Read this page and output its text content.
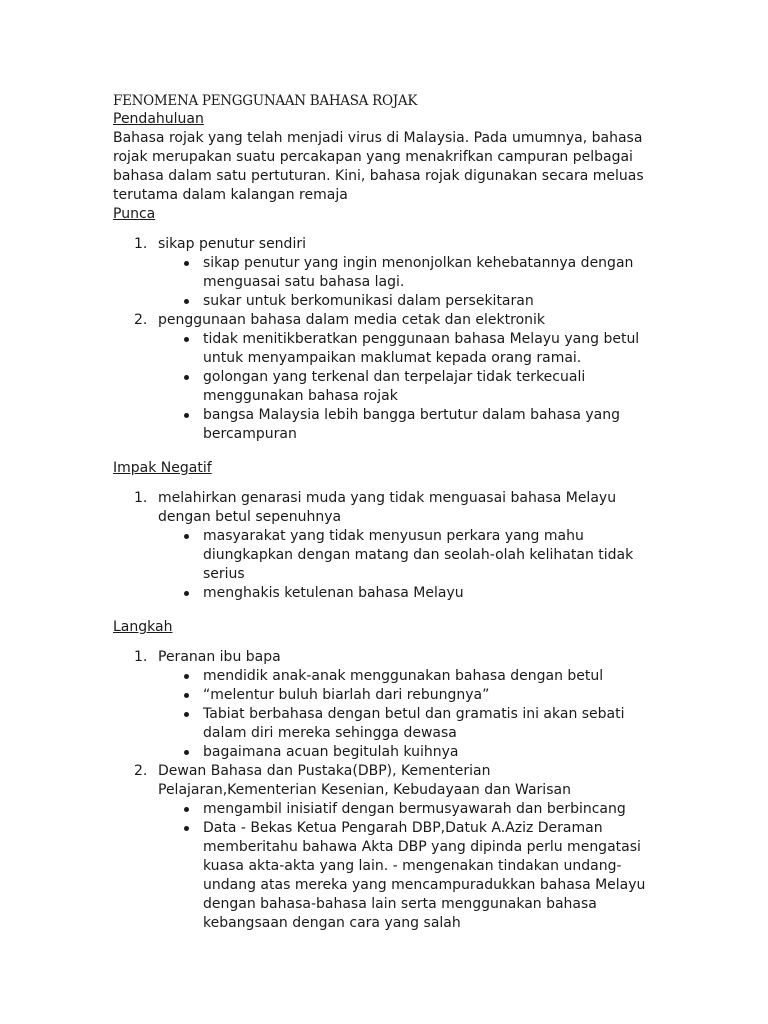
FENOMENA PENGGUNAAN BAHASA ROJAK
Pendahuluan

Bahasa rojak yang telah menjadi virus di Malaysia. Pada umumnya, bahasa rojak merupakan suatu percakapan yang menakrifkan campuran pelbagai bahasa dalam satu pertuturan. Kini, bahasa rojak digunakan secara meluas terutama dalam kalangan remaja

Punca
1. sikap penutur sendiri
sikap penutur yang ingin menonjolkan kehebatannya dengan menguasai satu bahasa lagi.
sukar untuk berkomunikasi dalam persekitaran
2. penggunaan bahasa dalam media cetak dan elektronik
tidak menitikberatkan penggunaan bahasa Melayu yang betul untuk menyampaikan maklumat kepada orang ramai.
golongan yang terkenal dan terpelajar tidak terkecuali menggunakan bahasa rojak
bangsa Malaysia lebih bangga bertutur dalam bahasa yang bercampuran
Impak Negatif
1. melahirkan genarasi muda yang tidak menguasai bahasa Melayu dengan betul sepenuhnya
masyarakat yang tidak menyusun perkara yang mahu diungkapkan dengan matang dan seolah-olah kelihatan tidak serius
menghakis ketulenan bahasa Melayu
Langkah
1. Peranan ibu bapa
mendidik anak-anak menggunakan bahasa dengan betul
“melentur buluh biarlah dari rebungnya”
Tabiat berbahasa dengan betul dan gramatis ini akan sebati dalam diri mereka sehingga dewasa
bagaimana acuan begitulah kuihnya
2. Dewan Bahasa dan Pustaka(DBP), Kementerian Pelajaran,Kementerian Kesenian, Kebudayaan dan Warisan
mengambil inisiatif dengan bermusyawarah dan berbincang
Data - Bekas Ketua Pengarah DBP,Datuk A.Aziz Deraman memberitahu bahawa Akta DBP yang dipinda perlu mengatasi kuasa akta-akta yang lain. - mengenakan tindakan undang-undang atas mereka yang mencampuradukkan bahasa Melayu dengan bahasa-bahasa lain serta menggunakan bahasa kebangsaan dengan cara yang salah
